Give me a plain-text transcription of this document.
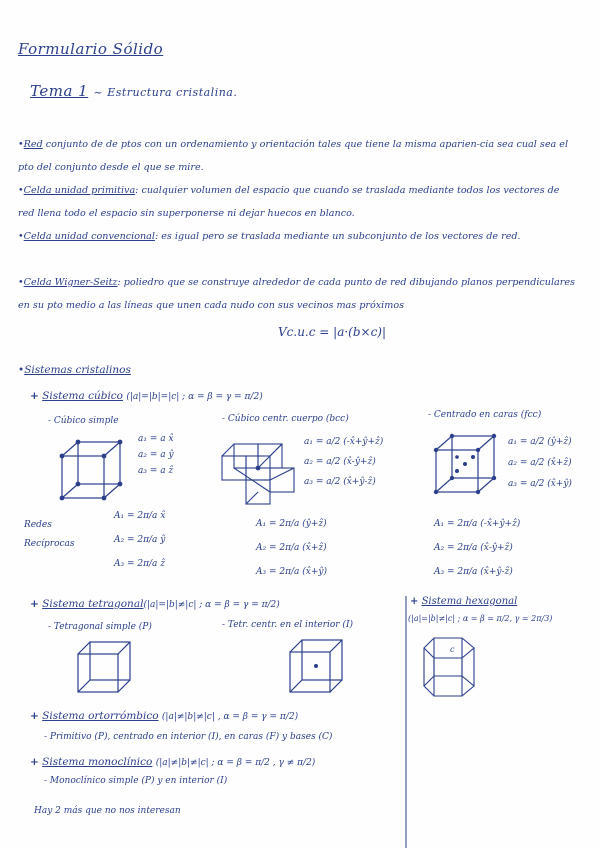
Formulario Sólido
Tema 1 ~ Estructura cristalina.
•Red conjunto de de ptos con un ordenamiento y orientación tales que tiene la misma aparien-cia sea cual sea el pto del conjunto desde el que se mire.
•Celda unidad primitiva: cualquier volumen del espacio que cuando se traslada mediante todos los vectores de red llena todo el espacio sin superponerse ni dejar huecos en blanco.
•Celda unidad convencional: es igual pero se traslada mediante un subconjunto de los vectores de red.
•Celda Wigner-Seitz: poliedro que se construye alrededor de cada punto de red dibujando planos perpendiculares en su pto medio a las líneas que unen cada nudo con sus vecinos mas próximos
Vc.u.c = |a·(b×c)|
•Sistemas cristalinos
+ Sistema cúbico (|a|=|b|=|c| ; α = β = γ = π/2)
- Cúbico simple	- Cúbico centr. cuerpo (bcc)	- Centrado en caras (fcc)
a₁ = a x̂
a₂ = a ŷ
a₃ = a ẑ
a₁ = a/2 (-x̂+ŷ+ẑ)
a₂ = a/2 (x̂-ŷ+ẑ)
a₃ = a/2 (x̂+ŷ-ẑ)
a₁ = a/2 (ŷ+ẑ)
a₂ = a/2 (x̂+ẑ)
a₃ = a/2 (x̂+ŷ)
Redes
Recíprocas
A₁ = 2π/a x̂
A₂ = 2π/a ŷ
A₃ = 2π/a ẑ
A₁ = 2π/a (ŷ+ẑ)
A₂ = 2π/a (x̂+ẑ)
A₃ = 2π/a (x̂+ŷ)
A₁ = 2π/a (-x̂+ŷ+ẑ)
A₂ = 2π/a (x̂-ŷ+ẑ)
A₃ = 2π/a (x̂+ŷ-ẑ)
+ Sistema tetragonal(|a|=|b|≠|c| ; α = β = γ = π/2)
- Tetragonal simple (P)	- Tetr. centr. en el interior (I)
+ Sistema hexagonal
(|a|=|b|≠|c| ; α = β = π/2, γ = 2π/3)
c
+ Sistema ortorrómbico (|a|≠|b|≠|c| , α = β = γ = π/2)
- Primitivo (P), centrado en interior (I), en caras (F) y bases (C)
+ Sistema monoclínico (|a|≠|b|≠|c| ; α = β = π/2 , γ ≠ π/2)
- Monoclínico simple (P) y en interior (I)
Hay 2 más que no nos interesan
